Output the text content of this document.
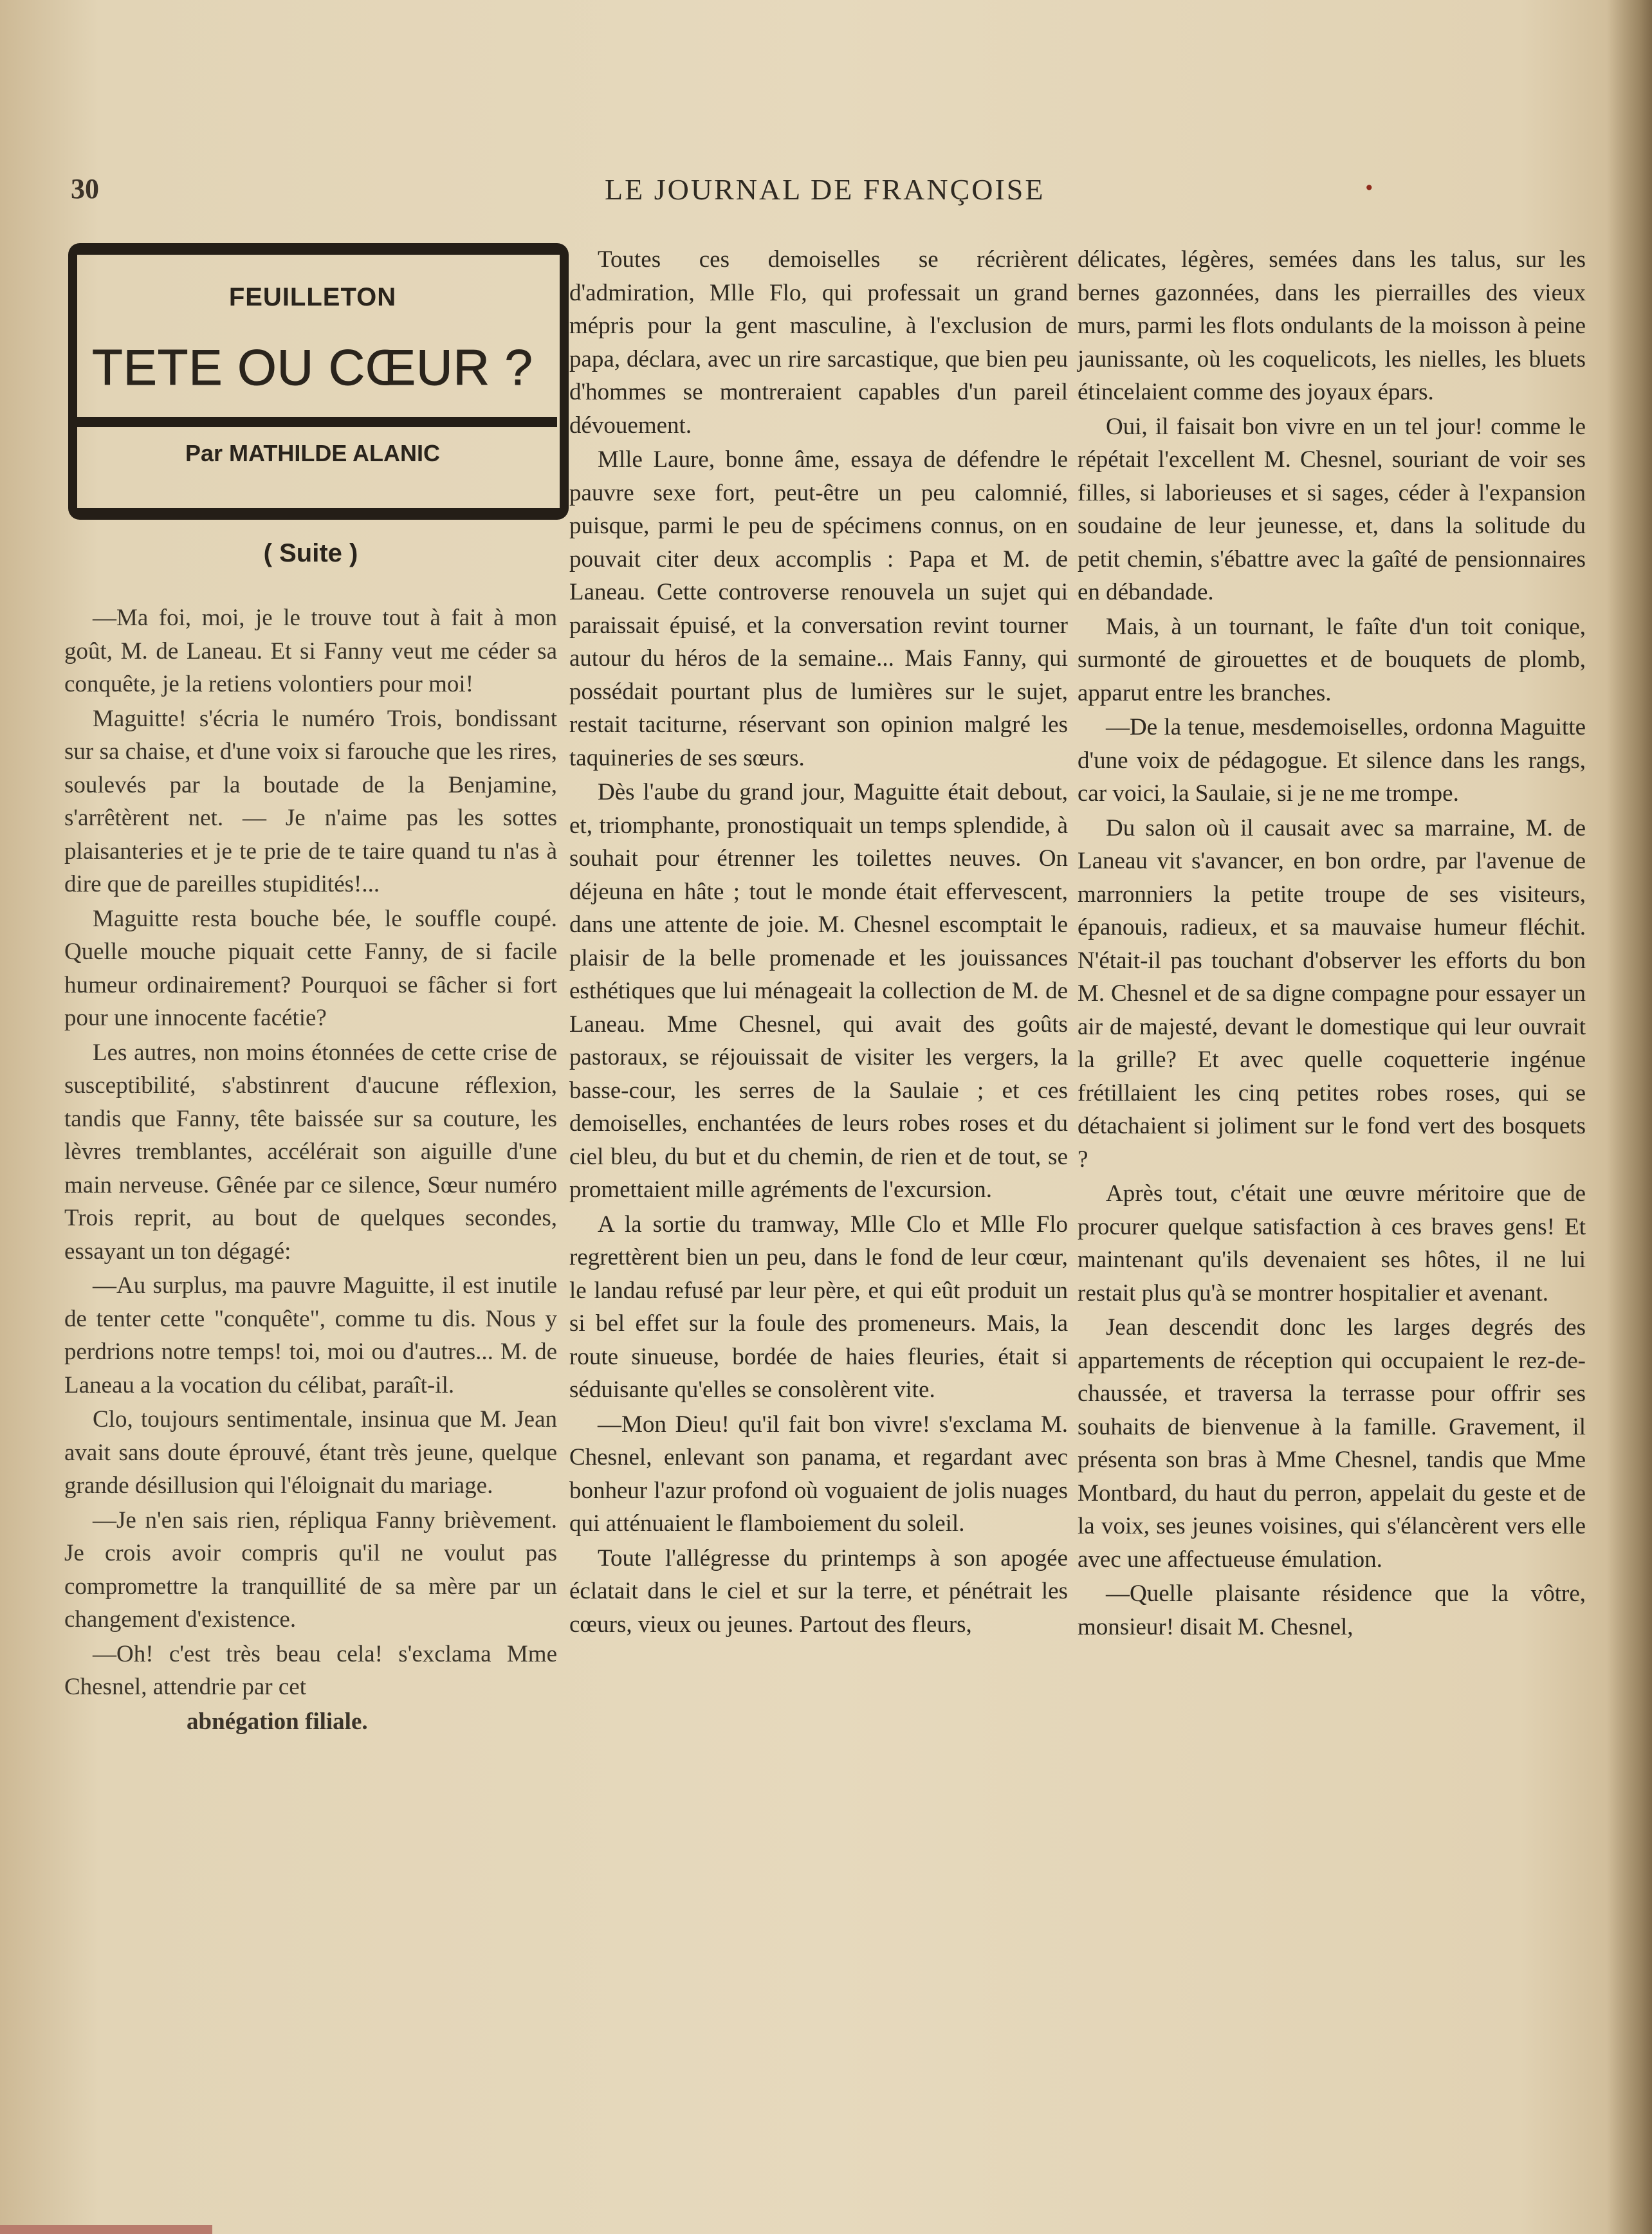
30	LE JOURNAL DE FRANÇOISE	•
FEUILLETON
TETE OU CŒUR ?
Par MATHILDE ALANIC
( Suite )

—Ma foi, moi, je le trouve tout à fait à mon goût, M. de Laneau. Et si Fanny veut me céder sa conquête, je la retiens volontiers pour moi!

Maguitte! s'écria le numéro Trois, bondissant sur sa chaise, et d'une voix si farouche que les rires, soulevés par la boutade de la Benjamine, s'arrêtèrent net. — Je n'aime pas les sottes plaisanteries et je te prie de te taire quand tu n'as à dire que de pareilles stupidités!...

Maguitte resta bouche bée, le souffle coupé. Quelle mouche piquait cette Fanny, de si facile humeur ordinairement? Pourquoi se fâcher si fort pour une innocente facétie?

Les autres, non moins étonnées de cette crise de susceptibilité, s'abstinrent d'aucune réflexion, tandis que Fanny, tête baissée sur sa couture, les lèvres tremblantes, accélérait son aiguille d'une main nerveuse. Gênée par ce silence, Sœur numéro Trois reprit, au bout de quelques secondes, essayant un ton dégagé:

—Au surplus, ma pauvre Maguitte, il est inutile de tenter cette "conquête", comme tu dis. Nous y perdrions notre temps! toi, moi ou d'autres... M. de Laneau a la vocation du célibat, paraît-il.

Clo, toujours sentimentale, insinua que M. Jean avait sans doute éprouvé, étant très jeune, quelque grande désillusion qui l'éloignait du mariage.

—Je n'en sais rien, répliqua Fanny brièvement. Je crois avoir compris qu'il ne voulut pas compromettre la tranquillité de sa mère par un changement d'existence.

—Oh! c'est très beau cela! s'exclama Mme Chesnel, attendrie par cet

abnégation filiale.

Toutes ces demoiselles se récrièrent d'admiration, Mlle Flo, qui professait un grand mépris pour la gent masculine, à l'exclusion de papa, déclara, avec un rire sarcastique, que bien peu d'hommes se montreraient capables d'un pareil dévouement.

Mlle Laure, bonne âme, essaya de défendre le pauvre sexe fort, peut-être un peu calomnié, puisque, parmi le peu de spécimens connus, on en pouvait citer deux accomplis : Papa et M. de Laneau. Cette controverse renouvela un sujet qui paraissait épuisé, et la conversation revint tourner autour du héros de la semaine... Mais Fanny, qui possédait pourtant plus de lumières sur le sujet, restait taciturne, réservant son opinion malgré les taquineries de ses sœurs.

Dès l'aube du grand jour, Maguitte était debout, et, triomphante, pronostiquait un temps splendide, à souhait pour étrenner les toilettes neuves. On déjeuna en hâte ; tout le monde était effervescent, dans une attente de joie. M. Chesnel escomptait le plaisir de la belle promenade et les jouissances esthétiques que lui ménageait la collection de M. de Laneau. Mme Chesnel, qui avait des goûts pastoraux, se réjouissait de visiter les vergers, la basse-cour, les serres de la Saulaie ; et ces demoiselles, enchantées de leurs robes roses et du ciel bleu, du but et du chemin, de rien et de tout, se promettaient mille agréments de l'excursion.

A la sortie du tramway, Mlle Clo et Mlle Flo regrettèrent bien un peu, dans le fond de leur cœur, le landau refusé par leur père, et qui eût produit un si bel effet sur la foule des promeneurs. Mais, la route sinueuse, bordée de haies fleuries, était si séduisante qu'elles se consolèrent vite.

—Mon Dieu! qu'il fait bon vivre! s'exclama M. Chesnel, enlevant son panama, et regardant avec bonheur l'azur profond où voguaient de jolis nuages qui atténuaient le flamboiement du soleil.

Toute l'allégresse du printemps à son apogée éclatait dans le ciel et sur la terre, et pénétrait les cœurs, vieux ou jeunes. Partout des fleurs,

délicates, légères, semées dans les talus, sur les bernes gazonnées, dans les pierrailles des vieux murs, parmi les flots ondulants de la moisson à peine jaunissante, où les coquelicots, les nielles, les bluets étincelaient comme des joyaux épars.

Oui, il faisait bon vivre en un tel jour! comme le répétait l'excellent M. Chesnel, souriant de voir ses filles, si laborieuses et si sages, céder à l'expansion soudaine de leur jeunesse, et, dans la solitude du petit chemin, s'ébattre avec la gaîté de pensionnaires en débandade.

Mais, à un tournant, le faîte d'un toit conique, surmonté de girouettes et de bouquets de plomb, apparut entre les branches.

—De la tenue, mesdemoiselles, ordonna Maguitte d'une voix de pédagogue. Et silence dans les rangs, car voici, la Saulaie, si je ne me trompe.

Du salon où il causait avec sa marraine, M. de Laneau vit s'avancer, en bon ordre, par l'avenue de marronniers la petite troupe de ses visiteurs, épanouis, radieux, et sa mauvaise humeur fléchit. N'était-il pas touchant d'observer les efforts du bon M. Chesnel et de sa digne compagne pour essayer un air de majesté, devant le domestique qui leur ouvrait la grille? Et avec quelle coquetterie ingénue frétillaient les cinq petites robes roses, qui se détachaient si joliment sur le fond vert des bosquets ?

Après tout, c'était une œuvre méritoire que de procurer quelque satisfaction à ces braves gens! Et maintenant qu'ils devenaient ses hôtes, il ne lui restait plus qu'à se montrer hospitalier et avenant.

Jean descendit donc les larges degrés des appartements de réception qui occupaient le rez-de-chaussée, et traversa la terrasse pour offrir ses souhaits de bienvenue à la famille. Gravement, il présenta son bras à Mme Chesnel, tandis que Mme Montbard, du haut du perron, appelait du geste et de la voix, ses jeunes voisines, qui s'élancèrent vers elle avec une affectueuse émulation.

—Quelle plaisante résidence que la vôtre, monsieur! disait M. Chesnel,
